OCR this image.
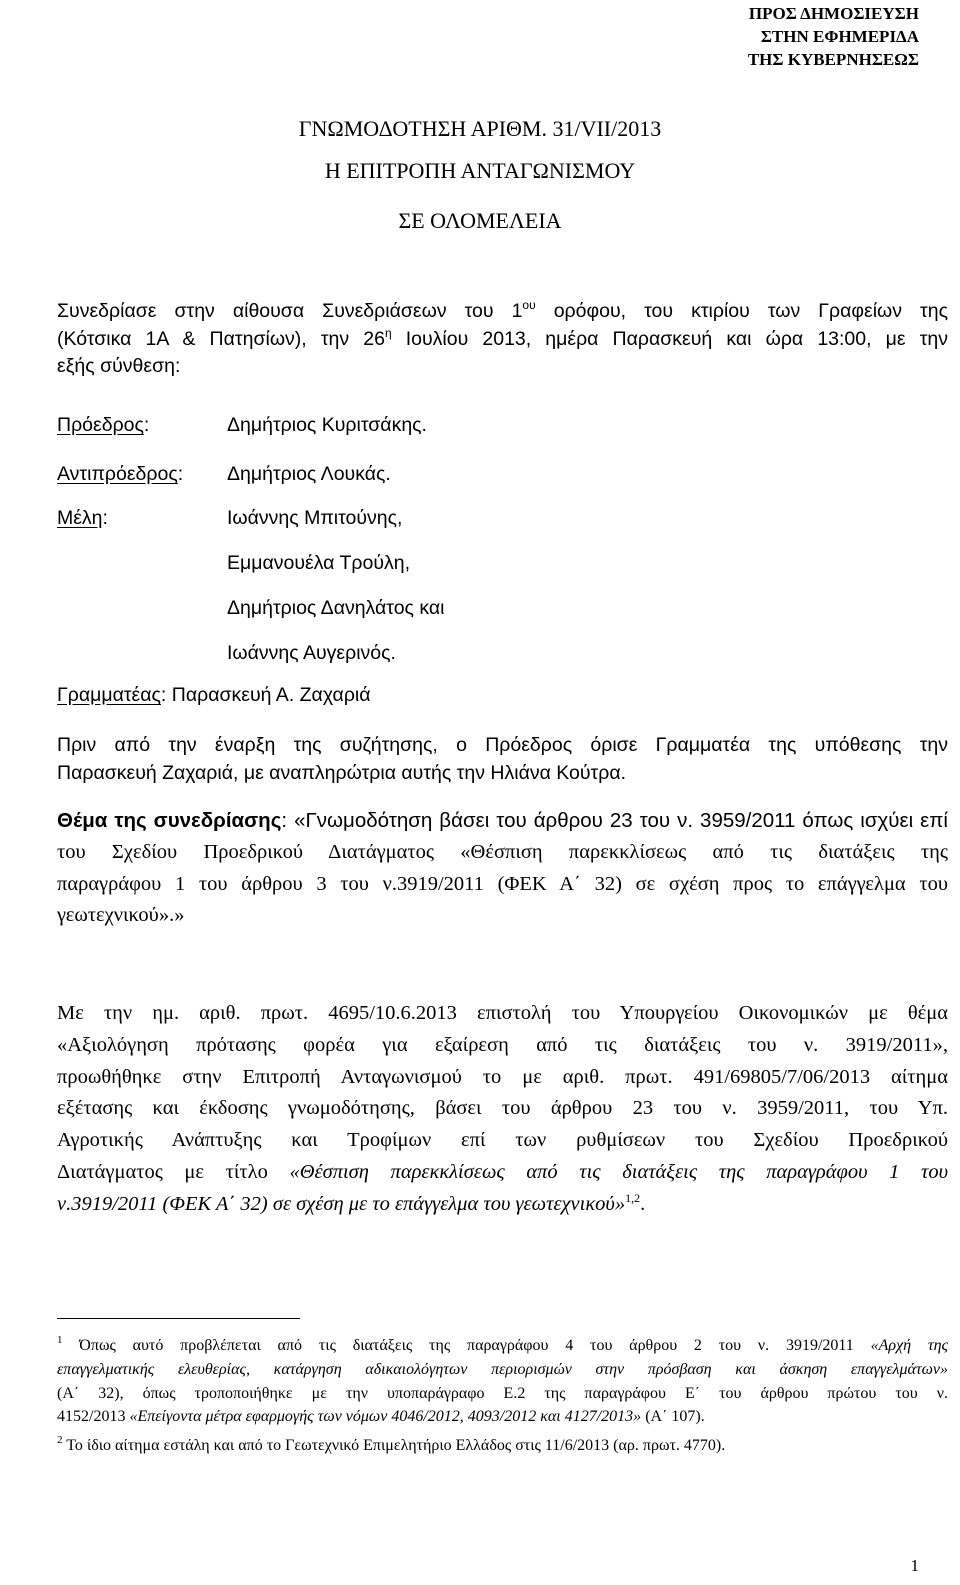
ΠΡΟΣ ΔΗΜΟΣΙΕΥΣΗ
ΣΤΗΝ ΕΦΗΜΕΡΙΔΑ
ΤΗΣ ΚΥΒΕΡΝΗΣΕΩΣ
ΓΝΩΜΟΔΟΤΗΣΗ ΑΡΙΘΜ. 31/VII/2013
Η ΕΠΙΤΡΟΠΗ ΑΝΤΑΓΩΝΙΣΜΟΥ
ΣΕ ΟΛΟΜΕΛΕΙΑ
Συνεδρίασε στην αίθουσα Συνεδριάσεων του $1^{o\upsilon}$ ορόφου, του κτιρίου των Γραφείων της
(Κότσικα 1Α & Πατησίων), την $26^\eta$ Ιουλίου 2013, ημέρα Παρασκευή και ώρα 13:00, με την
εξής σύνθεση:
Πρόεδρος:	Δημήτριος Κυριτσάκης.
Αντιπρόεδρος: Δημήτριος Λουκάς.
Μέλη:	Ιωάννης Μπιτούνης,
Εμμανουέλα Τρούλη,
Δημήτριος Δανηλάτος και
Ιωάννης Αυγερινός.
Γραμματέας: Παρασκευή Α. Ζαχαριά
Πριν από την έναρξη της συζήτησης, ο Πρόεδρος όρισε Γραμματέα της υπόθεσης την
Παρασκευή Ζαχαριά, με αναπληρώτρια αυτής την Ηλιάνα Κούτρα.
Θέμα της συνεδρίασης: «Γνωμοδότηση βάσει του άρθρου 23 του ν. 3959/2011 όπως ισχύει επί
του Σχεδίου Προεδρικού Διατάγματος «Θέσπιση παρεκκλίσεως από τις διατάξεις της
παραγράφου 1 του άρθρου 3 του ν.3919/2011 (ΦΕΚ Α΄ 32) σε σχέση προς το επάγγελμα του
γεωτεχνικού».»
Με την ημ. αριθ. πρωτ. 4695/10.6.2013 επιστολή του Υπουργείου Οικονομικών με θέμα
«Αξιολόγηση πρότασης φορέα για εξαίρεση από τις διατάξεις του ν. 3919/2011»,
προωθήθηκε στην Επιτροπή Ανταγωνισμού το με αριθ. πρωτ. 491/69805/7/06/2013 αίτημα
εξέτασης και έκδοσης γνωμοδότησης, βάσει του άρθρου 23 του ν. 3959/2011, του Υπ.
Αγροτικής Ανάπτυξης και Τροφίμων επί των ρυθμίσεων του Σχεδίου Προεδρικού
Διατάγματος με τίτλο «Θέσπιση παρεκκλίσεως από τις διατάξεις της παραγράφου 1 του
ν.3919/2011 (ΦΕΚ Α΄ 32) σε σχέση με το επάγγελμα του γεωτεχνικού»$^{1,2}$.
$^1$ Όπως αυτό προβλέπεται από τις διατάξεις της παραγράφου 4 του άρθρου 2 του ν. 3919/2011 «Αρχή της
επαγγελματικής ελευθερίας, κατάργηση αδικαιολόγητων περιορισμών στην πρόσβαση και άσκηση επαγγελμάτων»
(Α΄ 32), όπως τροποποιήθηκε με την υποπαράγραφο Ε.2 της παραγράφου Ε΄ του άρθρου πρώτου του ν.
4152/2013 «Επείγοντα μέτρα εφαρμογής των νόμων 4046/2012, 4093/2012 και 4127/2013» (Α΄ 107).
$^2$ Το ίδιο αίτημα εστάλη και από το Γεωτεχνικό Επιμελητήριο Ελλάδος στις 11/6/2013 (αρ. πρωτ. 4770).
1
